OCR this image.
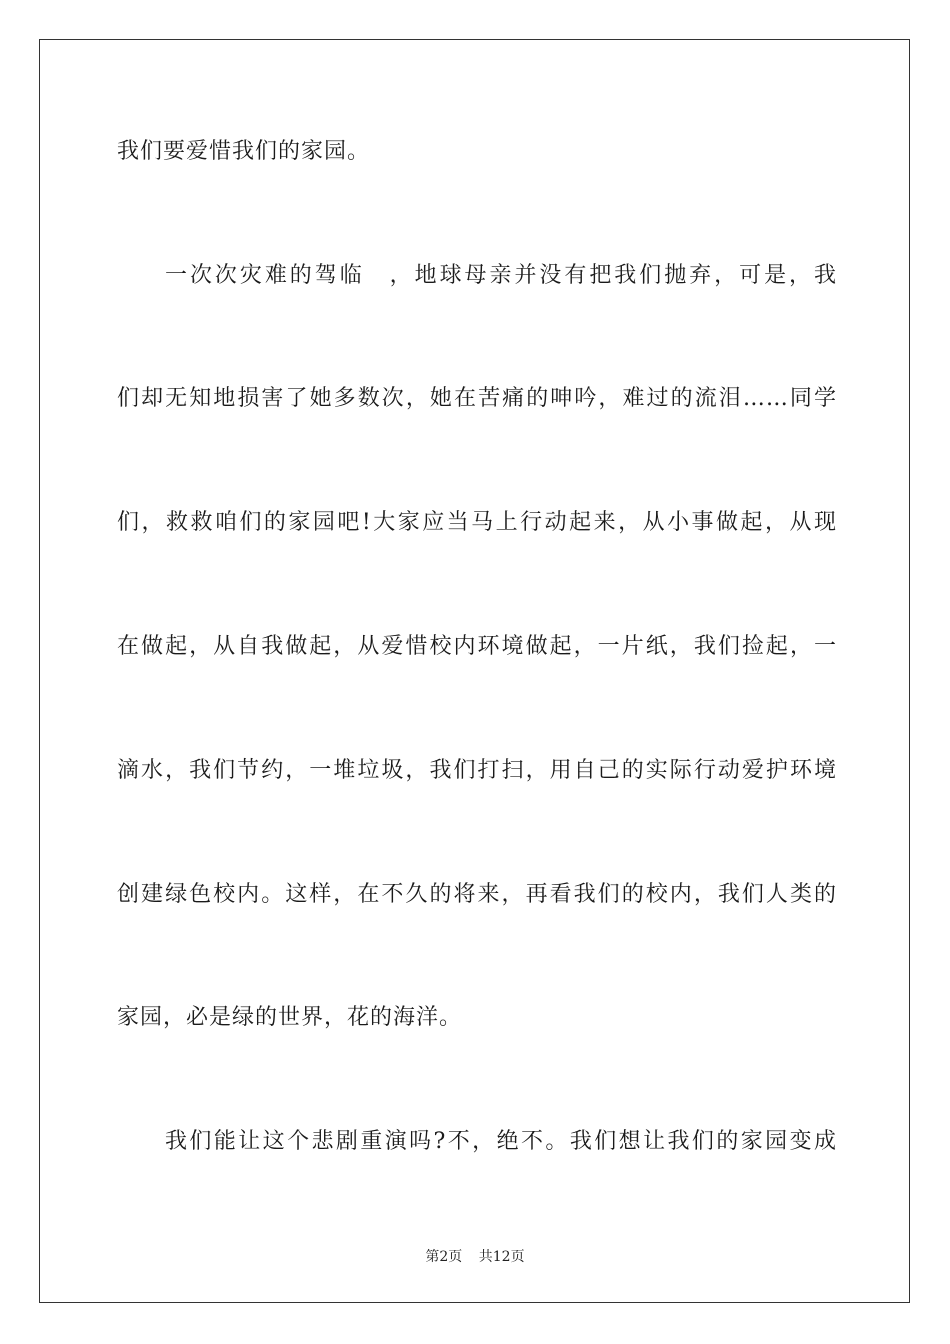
我们要爱惜我们的家园。
一次次灾难的驾临　，地球母亲并没有把我们抛弃，可是，我
们却无知地损害了她多数次，她在苦痛的呻吟，难过的流泪……同学
们，救救咱们的家园吧!大家应当马上行动起来，从小事做起，从现
在做起，从自我做起，从爱惜校内环境做起，一片纸，我们捡起，一
滴水，我们节约，一堆垃圾，我们打扫，用自己的实际行动爱护环境
创建绿色校内。这样，在不久的将来，再看我们的校内，我们人类的
家园，必是绿的世界，花的海洋。
我们能让这个悲剧重演吗?不，绝不。我们想让我们的家园变成
第2页 共12页
